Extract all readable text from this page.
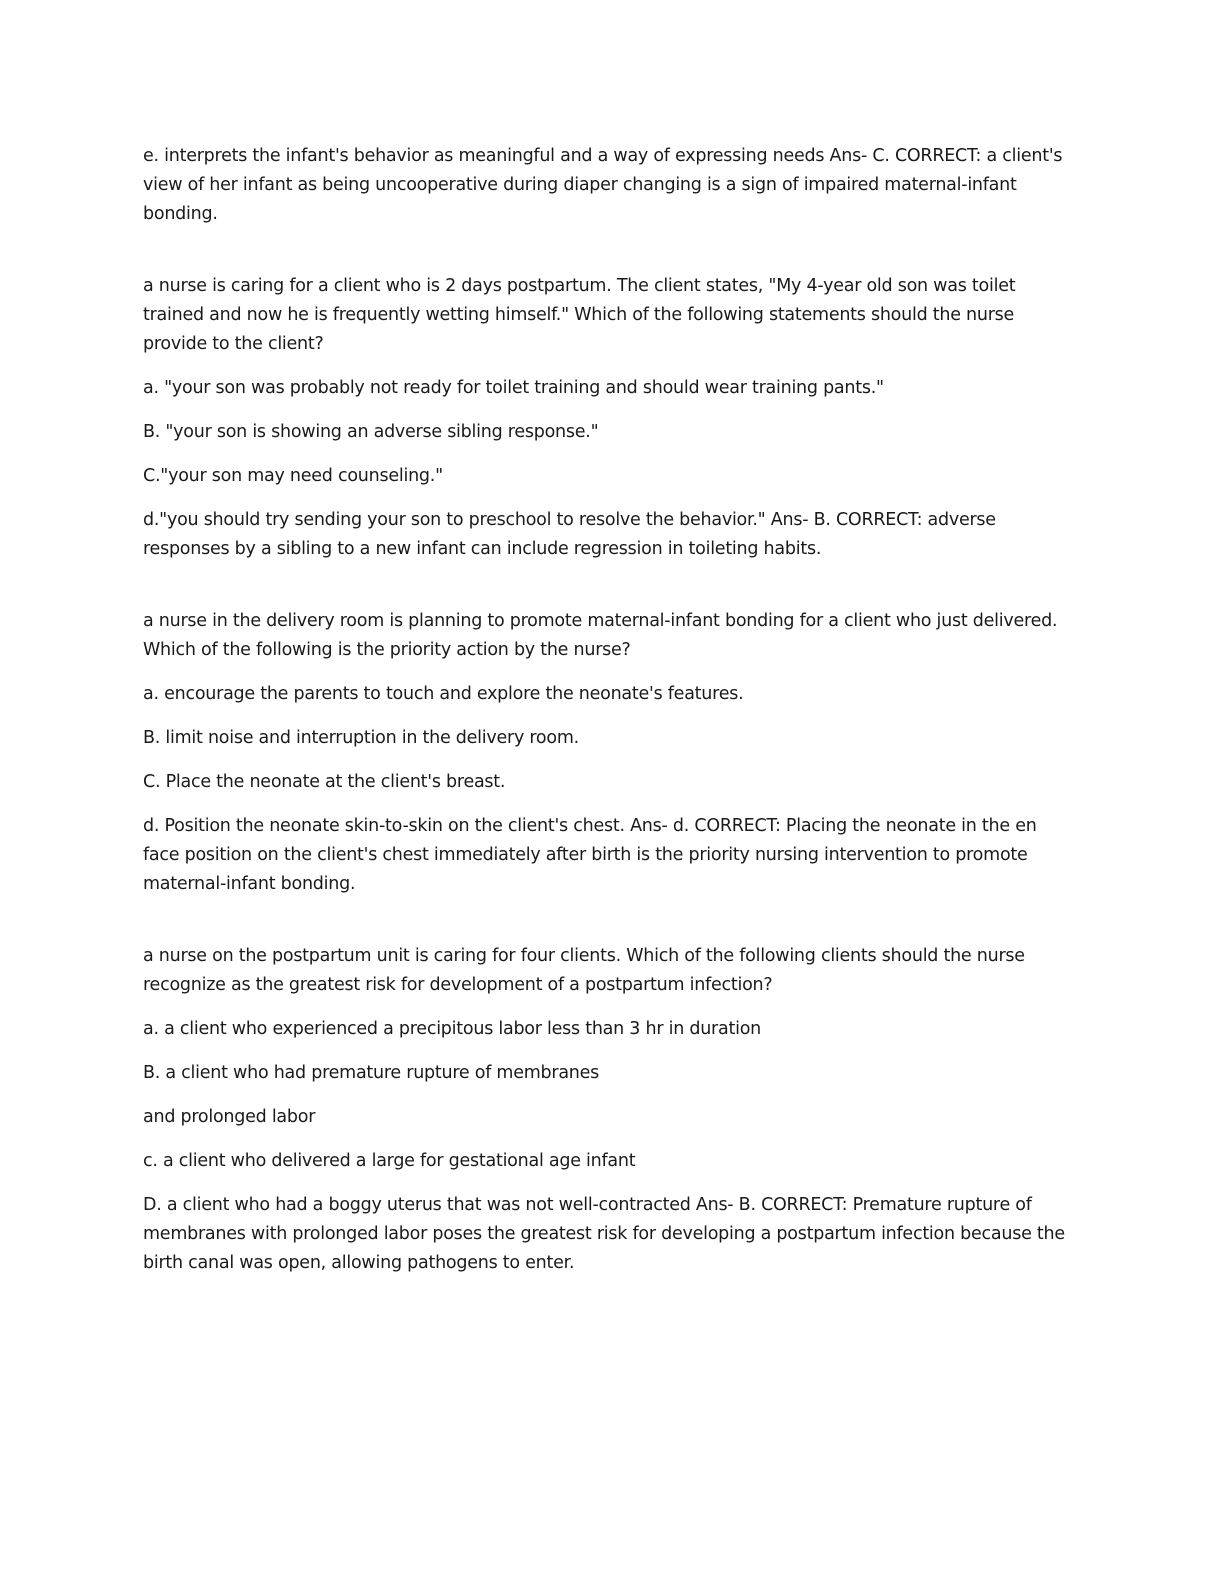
e. interprets the infant's behavior as meaningful and a way of expressing needs Ans- C. CORRECT: a client's view of her infant as being uncooperative during diaper changing is a sign of impaired maternal-infant bonding.

a nurse is caring for a client who is 2 days postpartum. The client states, "My 4-year old son was toilet trained and now he is frequently wetting himself." Which of the following statements should the nurse provide to the client?

a. "your son was probably not ready for toilet training and should wear training pants."

B. "your son is showing an adverse sibling response."

C."your son may need counseling."

d."you should try sending your son to preschool to resolve the behavior." Ans- B. CORRECT: adverse responses by a sibling to a new infant can include regression in toileting habits.

a nurse in the delivery room is planning to promote maternal-infant bonding for a client who just delivered. Which of the following is the priority action by the nurse?

a. encourage the parents to touch and explore the neonate's features.

B. limit noise and interruption in the delivery room.

C. Place the neonate at the client's breast.

d. Position the neonate skin-to-skin on the client's chest. Ans- d. CORRECT: Placing the neonate in the en face position on the client's chest immediately after birth is the priority nursing intervention to promote maternal-infant bonding.

a nurse on the postpartum unit is caring for four clients. Which of the following clients should the nurse recognize as the greatest risk for development of a postpartum infection?

a. a client who experienced a precipitous labor less than 3 hr in duration

B. a client who had premature rupture of membranes

and prolonged labor

c. a client who delivered a large for gestational age infant

D. a client who had a boggy uterus that was not well-contracted Ans- B. CORRECT: Premature rupture of membranes with prolonged labor poses the greatest risk for developing a postpartum infection because the birth canal was open, allowing pathogens to enter.
